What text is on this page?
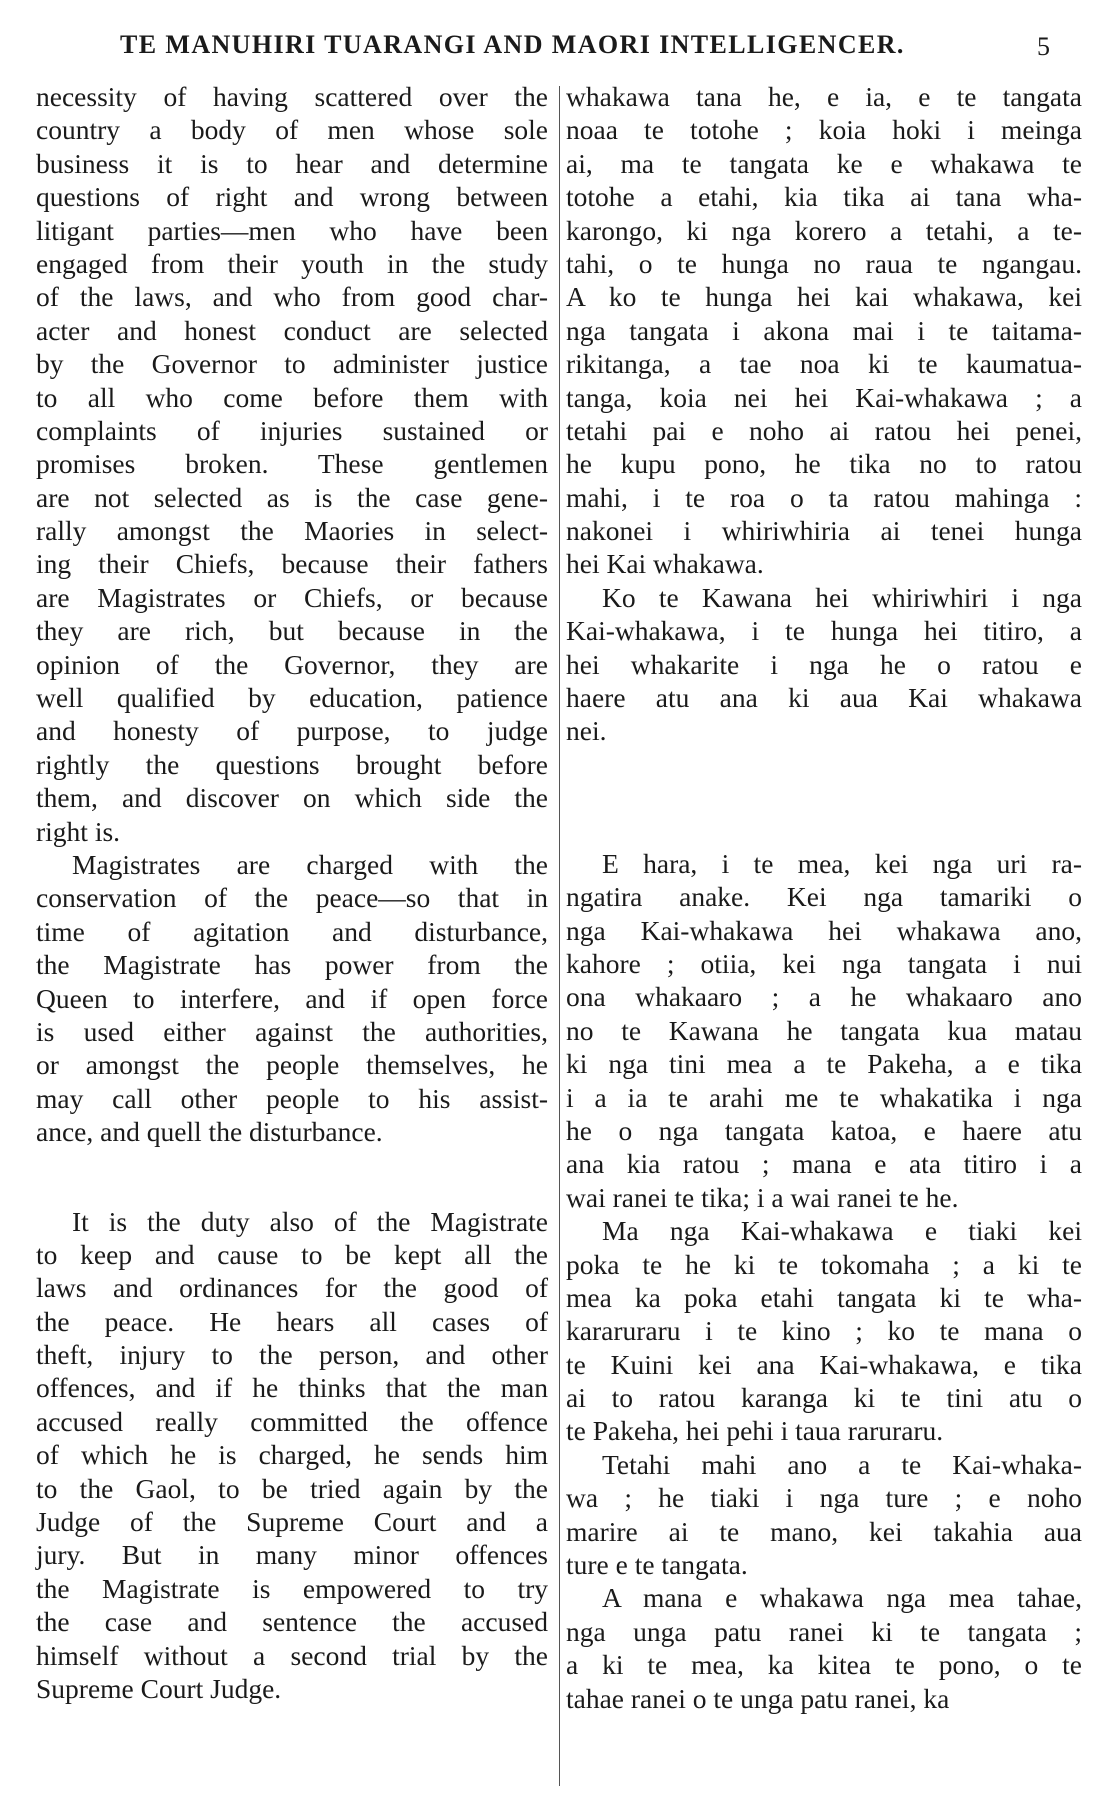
TE MANUHIRI TUARANGI AND MAORI INTELLIGENCER.	5
necessity of having scattered over the
country a body of men whose sole
business it is to hear and determine
questions of right and wrong between
litigant parties—men who have been
engaged from their youth in the study
of the laws, and who from good char-
acter and honest conduct are selected
by the Governor to administer justice
to all who come before them with
complaints of injuries sustained or
promises broken. These gentlemen
are not selected as is the case gene-
rally amongst the Maories in select-
ing their Chiefs, because their fathers
are Magistrates or Chiefs, or because
they are rich, but because in the
opinion of the Governor, they are
well qualified by education, patience
and honesty of purpose, to judge
rightly the questions brought before
them, and discover on which side the
right is.
Magistrates are charged with the
conservation of the peace—so that in
time of agitation and disturbance,
the Magistrate has power from the
Queen to interfere, and if open force
is used either against the authorities,
or amongst the people themselves, he
may call other people to his assist-
ance, and quell the disturbance.
It is the duty also of the Magistrate
to keep and cause to be kept all the
laws and ordinances for the good of
the peace. He hears all cases of
theft, injury to the person, and other
offences, and if he thinks that the man
accused really committed the offence
of which he is charged, he sends him
to the Gaol, to be tried again by the
Judge of the Supreme Court and a
jury. But in many minor offences
the Magistrate is empowered to try
the case and sentence the accused
himself without a second trial by the
Supreme Court Judge.
whakawa tana he, e ia, e te tangata
noaa te totohe ; koia hoki i meinga
ai, ma te tangata ke e whakawa te
totohe a etahi, kia tika ai tana wha-
karongo, ki nga korero a tetahi, a te-
tahi, o te hunga no raua te ngangau.
A ko te hunga hei kai whakawa, kei
nga tangata i akona mai i te taitama-
rikitanga, a tae noa ki te kaumatua-
tanga, koia nei hei Kai-whakawa ; a
tetahi pai e noho ai ratou hei penei,
he kupu pono, he tika no to ratou
mahi, i te roa o ta ratou mahinga :
nakonei i whiriwhiria ai tenei hunga
hei Kai whakawa.
Ko te Kawana hei whiriwhiri i nga
Kai-whakawa, i te hunga hei titiro, a
hei whakarite i nga he o ratou e
haere atu ana ki aua Kai whakawa
nei.
E hara, i te mea, kei nga uri ra-
ngatira anake. Kei nga tamariki o
nga Kai-whakawa hei whakawa ano,
kahore ; otiia, kei nga tangata i nui
ona whakaaro ; a he whakaaro ano
no te Kawana he tangata kua matau
ki nga tini mea a te Pakeha, a e tika
i a ia te arahi me te whakatika i nga
he o nga tangata katoa, e haere atu
ana kia ratou ; mana e ata titiro i a
wai ranei te tika; i a wai ranei te he.
Ma nga Kai-whakawa e tiaki kei
poka te he ki te tokomaha ; a ki te
mea ka poka etahi tangata ki te wha-
kararuraru i te kino ; ko te mana o
te Kuini kei ana Kai-whakawa, e tika
ai to ratou karanga ki te tini atu o
te Pakeha, hei pehi i taua raruraru.
Tetahi mahi ano a te Kai-whaka-
wa ; he tiaki i nga ture ; e noho
marire ai te mano, kei takahia aua
ture e te tangata.
A mana e whakawa nga mea tahae,
nga unga patu ranei ki te tangata ;
a ki te mea, ka kitea te pono, o te
tahae ranei o te unga patu ranei, ka
